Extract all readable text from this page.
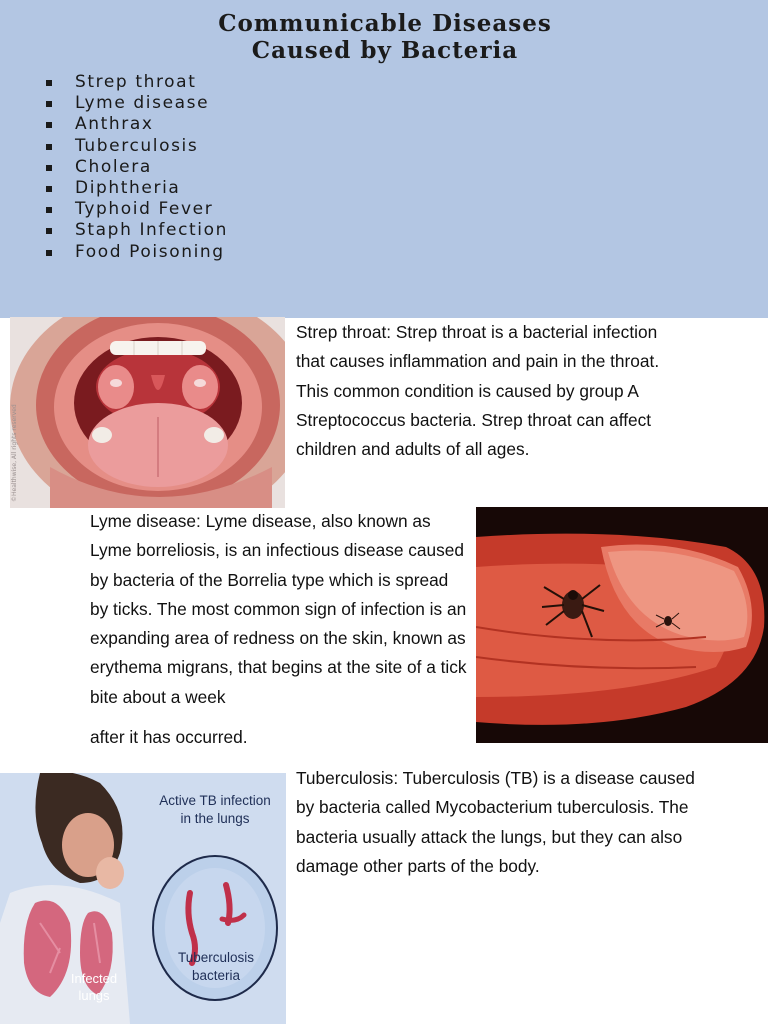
Communicable Diseases
Caused by Bacteria
Strep throat
Lyme disease
Anthrax
Tuberculosis
Cholera
Diphtheria
Typhoid Fever
Staph Infection
Food Poisoning
©Healthwise, All rights reserved
Strep throat: Strep throat is a bacterial infection that causes inflammation and pain in the throat. This common condition is caused by group A Streptococcus bacteria. Strep throat can affect children and adults of all ages.
Lyme disease: Lyme disease, also known as Lyme borreliosis, is an infectious disease caused by bacteria of the Borrelia type which is spread by ticks. The most common sign of infection is an expanding area of redness on the skin, known as erythema migrans, that begins at the site of a tick bite about a week
after it has occurred.
Active TB infection
in the lungs
Tuberculosis
bacteria
Infected
lungs
Tuberculosis: Tuberculosis (TB) is a disease caused by bacteria called Mycobacterium tuberculosis. The bacteria usually attack the lungs, but they can also damage other parts of the body.
